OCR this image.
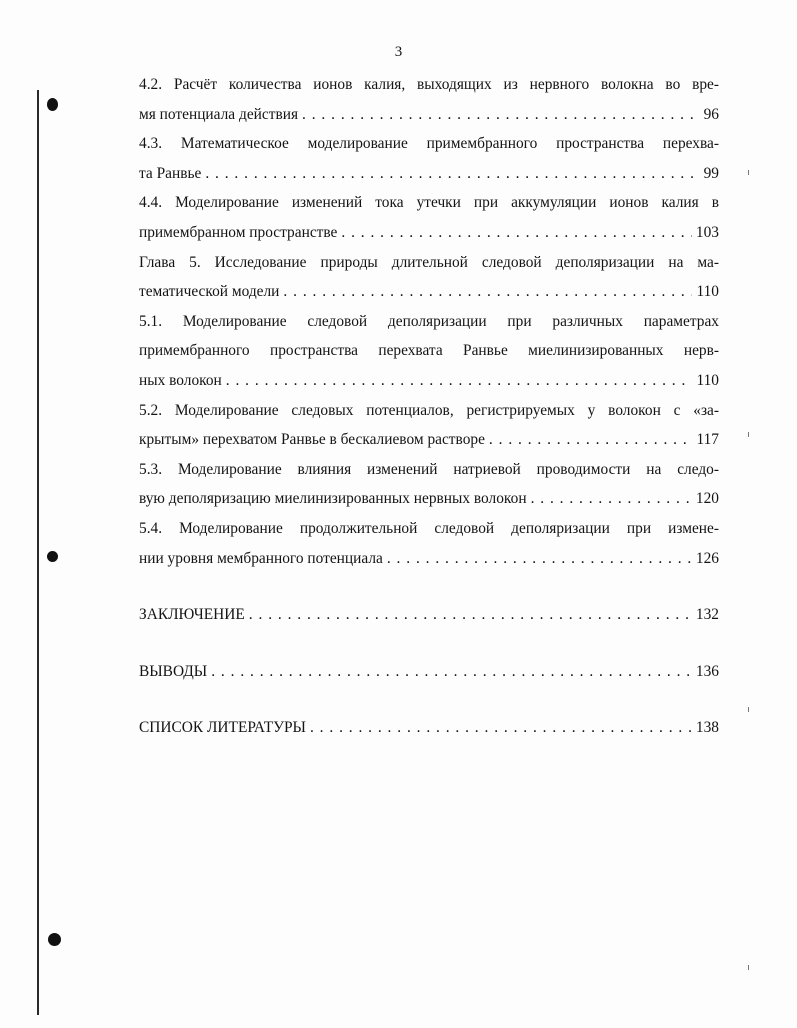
3
4.2. Расчёт количества ионов калия, выходящих из нервного волокна во вре-
мя потенциала действия . . .	96
4.3. Математическое моделирование примембранного пространства перехва-
та Ранвье . . .	99
4.4. Моделирование изменений тока утечки при аккумуляции ионов калия в
примембранном пространстве . . .	103
Глава 5. Исследование природы длительной следовой деполяризации на ма-
тематической модели . . .	110
5.1. Моделирование следовой деполяризации при различных параметрах
примембранного пространства перехвата Ранвье миелинизированных нерв-
ных волокон . . .	110
5.2. Моделирование следовых потенциалов, регистрируемых у волокон с «за-
крытым» перехватом Ранвье в бескалиевом растворе . . .	117
5.3. Моделирование влияния изменений натриевой проводимости на следо-
вую деполяризацию миелинизированных нервных волокон . . .	120
5.4. Моделирование продолжительной следовой деполяризации при измене-
нии уровня мембранного потенциала . . .	126
ЗАКЛЮЧЕНИЕ . . .	132
ВЫВОДЫ . . .	136
СПИСОК ЛИТЕРАТУРЫ . . .	138
